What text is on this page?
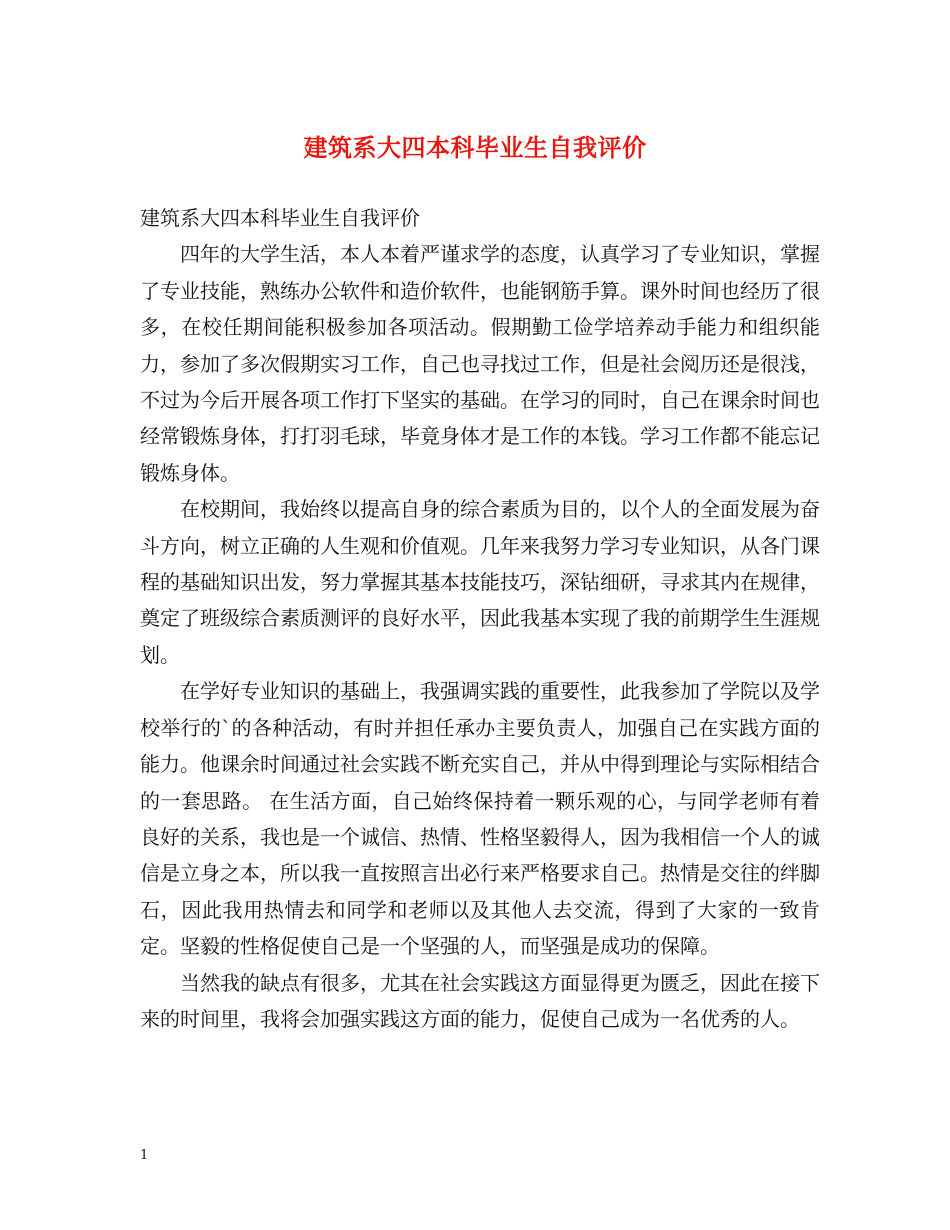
建筑系大四本科毕业生自我评价

建筑系大四本科毕业生自我评价

四年的大学生活，本人本着严谨求学的态度，认真学习了专业知识，掌握了专业技能，熟练办公软件和造价软件，也能钢筋手算。课外时间也经历了很多，在校任期间能积极参加各项活动。假期勤工俭学培养动手能力和组织能力，参加了多次假期实习工作，自己也寻找过工作，但是社会阅历还是很浅，不过为今后开展各项工作打下坚实的基础。在学习的同时，自己在课余时间也经常锻炼身体，打打羽毛球，毕竟身体才是工作的本钱。学习工作都不能忘记锻炼身体。

在校期间，我始终以提高自身的综合素质为目的，以个人的全面发展为奋斗方向，树立正确的人生观和价值观。几年来我努力学习专业知识，从各门课程的基础知识出发，努力掌握其基本技能技巧，深钻细研，寻求其内在规律，奠定了班级综合素质测评的良好水平，因此我基本实现了我的前期学生生涯规划。

在学好专业知识的基础上，我强调实践的重要性，此我参加了学院以及学校举行的`的各种活动，有时并担任承办主要负责人，加强自己在实践方面的能力。他课余时间通过社会实践不断充实自己，并从中得到理论与实际相结合的一套思路。 在生活方面，自己始终保持着一颗乐观的心，与同学老师有着良好的关系，我也是一个诚信、热情、性格坚毅得人，因为我相信一个人的诚信是立身之本，所以我一直按照言出必行来严格要求自己。热情是交往的绊脚石，因此我用热情去和同学和老师以及其他人去交流，得到了大家的一致肯定。坚毅的性格促使自己是一个坚强的人，而坚强是成功的保障。

当然我的缺点有很多，尤其在社会实践这方面显得更为匮乏，因此在接下来的时间里，我将会加强实践这方面的能力，促使自己成为一名优秀的人。

1
